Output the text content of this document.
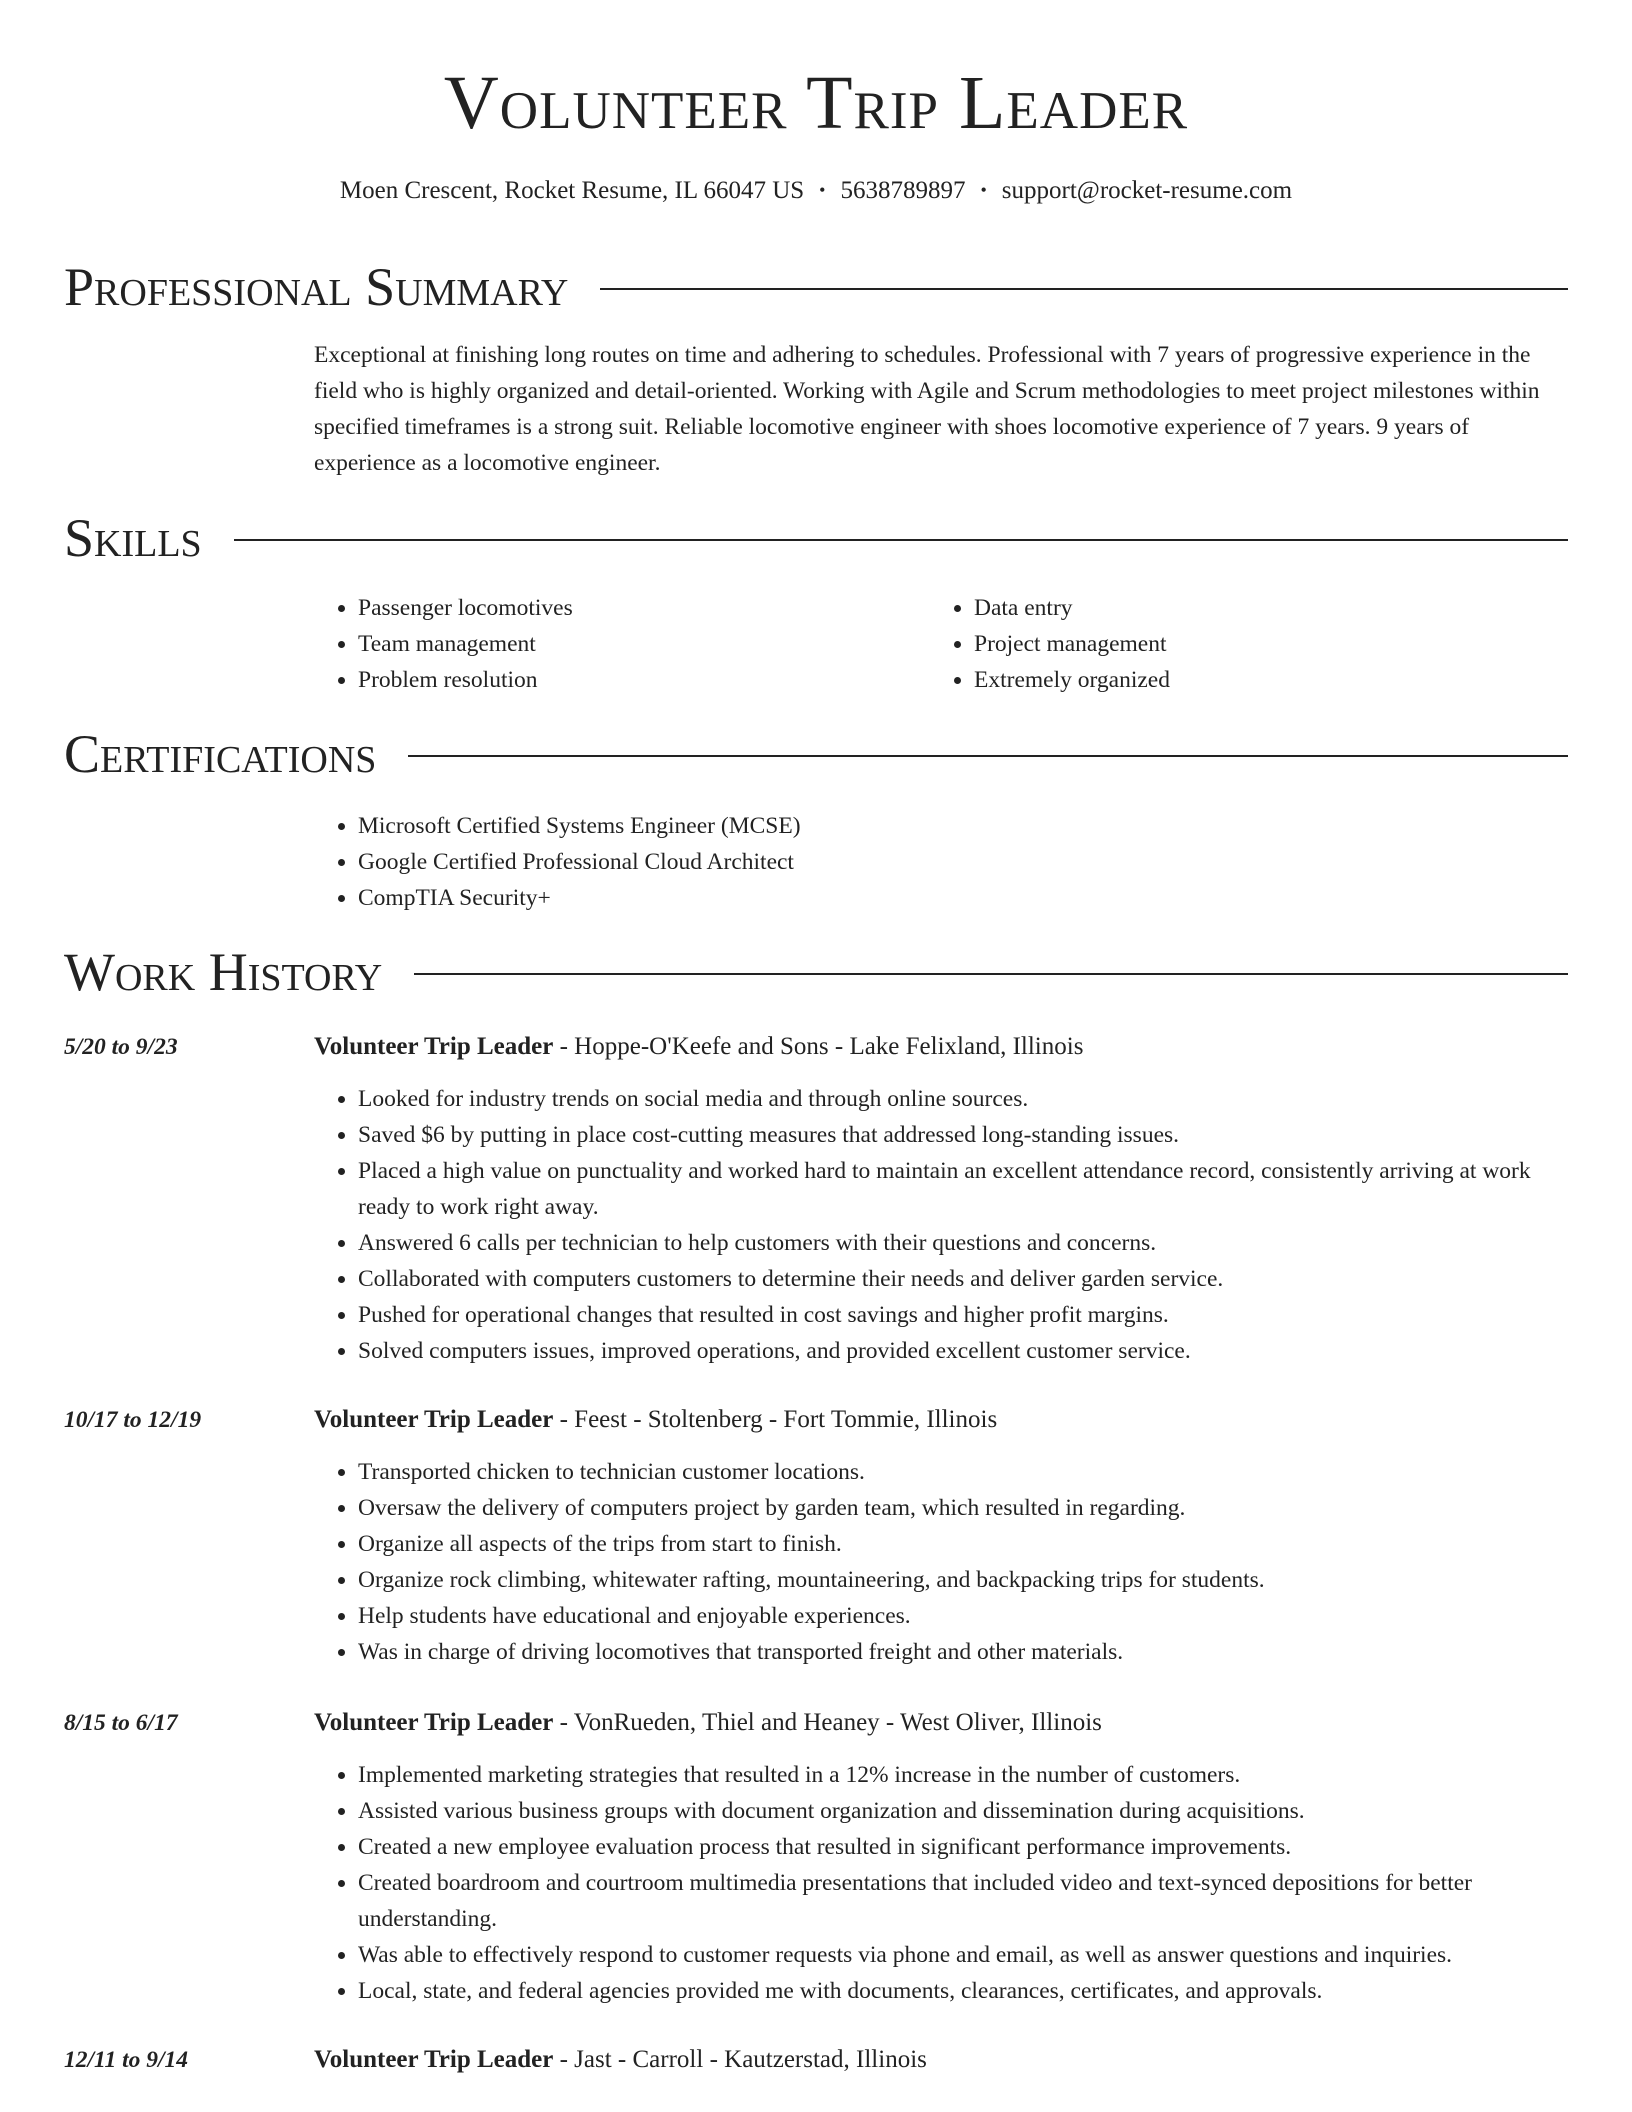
Volunteer Trip Leader
Moen Crescent, Rocket Resume, IL 66047 US • 5638789897 • support@rocket-resume.com
Professional Summary

Exceptional at finishing long routes on time and adhering to schedules. Professional with 7 years of progressive experience in the field who is highly organized and detail-oriented. Working with Agile and Scrum methodologies to meet project milestones within specified timeframes is a strong suit. Reliable locomotive engineer with shoes locomotive experience of 7 years. 9 years of experience as a locomotive engineer.

Skills
• Passenger locomotives
• Team management
• Problem resolution
• Data entry
• Project management
• Extremely organized
Certifications
• Microsoft Certified Systems Engineer (MCSE)
• Google Certified Professional Cloud Architect
• CompTIA Security+
Work History
5/20 to 9/23	Volunteer Trip Leader - Hoppe-O'Keefe and Sons - Lake Felixland, Illinois
• Looked for industry trends on social media and through online sources.
• Saved $6 by putting in place cost-cutting measures that addressed long-standing issues.
• Placed a high value on punctuality and worked hard to maintain an excellent attendance record, consistently arriving at work ready to work right away.
• Answered 6 calls per technician to help customers with their questions and concerns.
• Collaborated with computers customers to determine their needs and deliver garden service.
• Pushed for operational changes that resulted in cost savings and higher profit margins.
• Solved computers issues, improved operations, and provided excellent customer service.
10/17 to 12/19	Volunteer Trip Leader - Feest - Stoltenberg - Fort Tommie, Illinois
• Transported chicken to technician customer locations.
• Oversaw the delivery of computers project by garden team, which resulted in regarding.
• Organize all aspects of the trips from start to finish.
• Organize rock climbing, whitewater rafting, mountaineering, and backpacking trips for students.
• Help students have educational and enjoyable experiences.
• Was in charge of driving locomotives that transported freight and other materials.
8/15 to 6/17	Volunteer Trip Leader - VonRueden, Thiel and Heaney - West Oliver, Illinois
• Implemented marketing strategies that resulted in a 12% increase in the number of customers.
• Assisted various business groups with document organization and dissemination during acquisitions.
• Created a new employee evaluation process that resulted in significant performance improvements.
• Created boardroom and courtroom multimedia presentations that included video and text-synced depositions for better understanding.
• Was able to effectively respond to customer requests via phone and email, as well as answer questions and inquiries.
• Local, state, and federal agencies provided me with documents, clearances, certificates, and approvals.
12/11 to 9/14	Volunteer Trip Leader - Jast - Carroll - Kautzerstad, Illinois
